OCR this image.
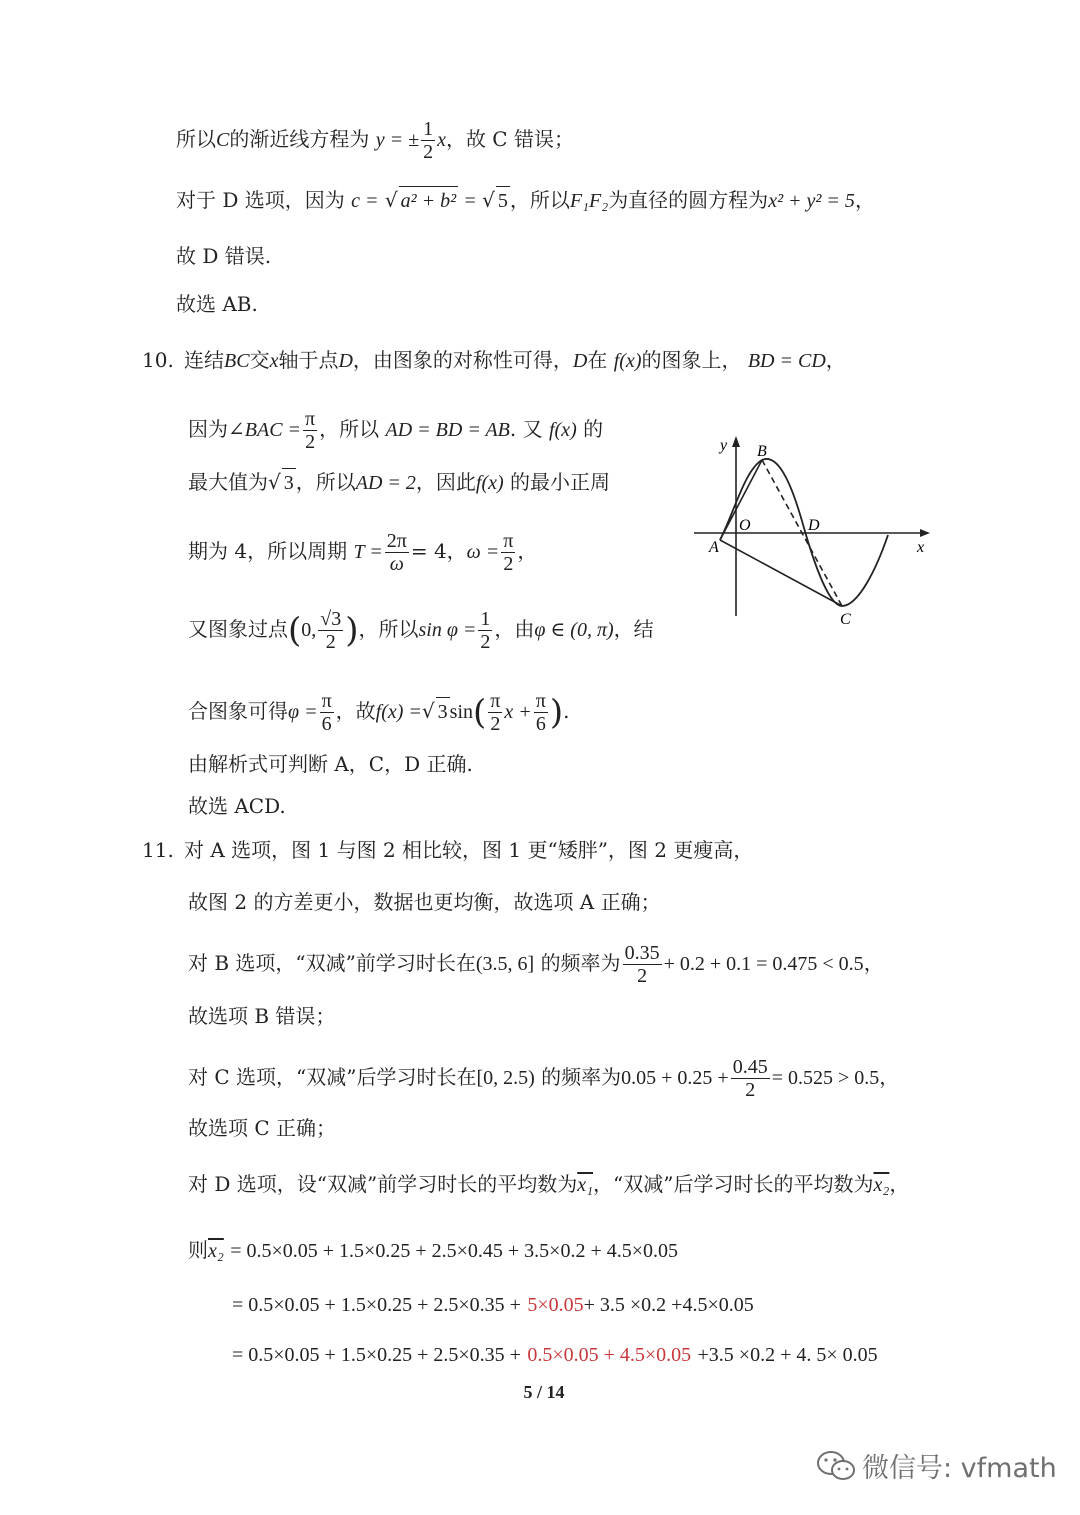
所以C的渐近线方程为 y = ± $\frac{1}{2}$ x，故 C 错误；
对于 D 选项，因为 c = √ a² + b² = √ 5 ，所以F₁F₂为直径的圆方程为x² + y² = 5，
故 D 错误.
故选 AB.
10. 连结BC交x轴于点D，由图象的对称性可得，D在 f(x)的图象上， BD = CD，
因为∠BAC = $\frac{\pi}{2}$ ，所以 AD = BD = AB. 又 f(x) 的
最大值为√ 3 ，所以AD = 2，因此f(x) 的最小正周
期为 4，所以周期 $T = \frac{2\pi}{\omega} = 4$，$\omega = \frac{\pi}{2}$ ，
又图象过点(0, $\frac{√3}{2}$ )，所以$\sin \varphi = \frac{1}{2}$ ，由φ ∈ (0, π)，结
合图象可得$\varphi = \frac{\pi}{6}$ ，故f(x) =√ 3 $\sin( \frac{\pi}{2}$ $x + \frac{\pi}{6}$ ).
由解析式可判断 A，C，D 正确.
故选 ACD.
y
x
B
O	D
A
C
11. 对 A 选项，图 1 与图 2 相比较，图 1 更“矮胖”，图 2 更瘦高，
故图 2 的方差更小，数据也更均衡，故选项 A 正确；
对 B 选项，“双减”前学习时长在(3.5, 6] 的频率为 $\frac{0.35}{2} + 0.2 + 0.1 = 0.475 < 0.5$，
故选项 B 错误；
对 C 选项，“双减”后学习时长在[0, 2.5) 的频率为$0.05 + 0.25 + \frac{0.45}{2} = 0.525 > 0.5$，
故选项 C 正确；
对 D 选项，设“双减”前学习时长的平均数为x₁，“双减”后学习时长的平均数为x₂，
则x₂ = 0.5×0.05 + 1.5×0.25 + 2.5×0.45 + 3.5×0.2 + 4.5×0.05
= 0.5×0.05 + 1.5×0.25 + 2.5×0.35 + 5×0.05+ 3.5 ×0.2 +4.5×0.05
= 0.5×0.05 + 1.5×0.25 + 2.5×0.35 + 0.5×0.05 + 4.5×0.05 +3.5 ×0.2 + 4. 5× 0.05
5 / 14
微信号: vfmath
